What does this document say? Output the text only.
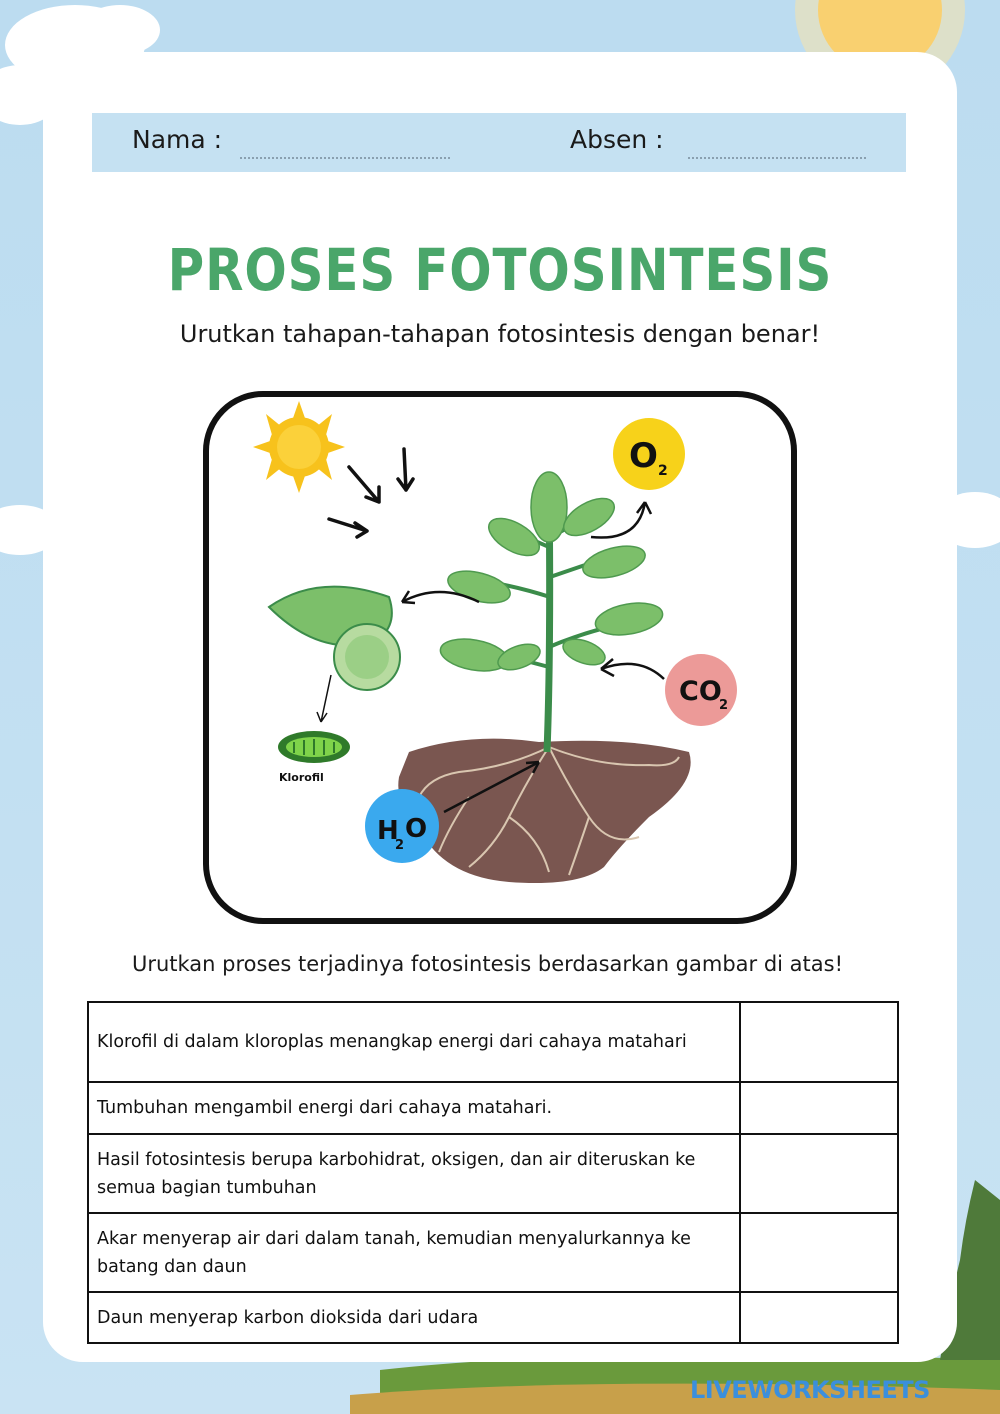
Nama :	Absen :
PROSES FOTOSINTESIS
Urutkan tahapan-tahapan fotosintesis dengan benar!
O 2
CO
2
Klorofil
H
2
O
Urutkan proses terjadinya fotosintesis berdasarkan gambar di atas!
Klorofil di dalam kloroplas menangkap energi dari cahaya matahari	
Tumbuhan mengambil energi dari cahaya matahari.	
Hasil fotosintesis berupa karbohidrat, oksigen, dan air diteruskan ke semua bagian tumbuhan	
Akar menyerap air dari dalam tanah, kemudian menyalurkannya ke batang dan daun	
Daun menyerap karbon dioksida dari udara	
LIVEWORKSHEETS
